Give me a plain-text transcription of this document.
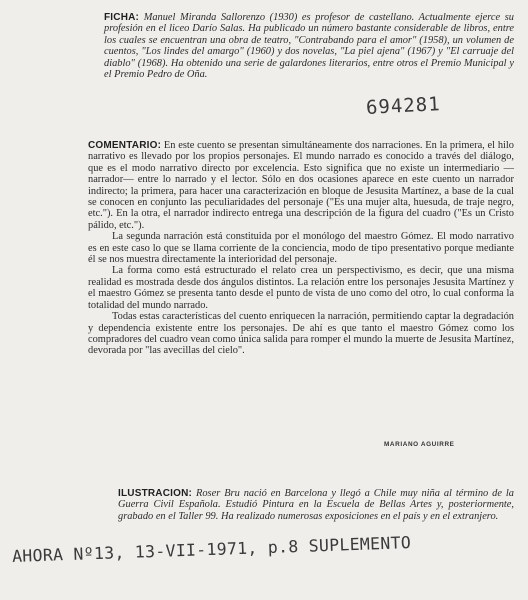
FICHA: Manuel Miranda Sallorenzo (1930) es profesor de castellano. Actualmente ejerce su profesión en el liceo Darío Salas. Ha publicado un número bastante considerable de libros, entre los cuales se encuentran una obra de teatro, "Contrabando para el amor" (1958), un volumen de cuentos, "Los lindes del amargo" (1960) y dos novelas, "La piel ajena" (1967) y "El carruaje del diablo" (1968). Ha obtenido una serie de galardones literarios, entre otros el Premio Municipal y el Premio Pedro de Oña.
694281

COMENTARIO: En este cuento se presentan simultáneamente dos narraciones. En la primera, el hilo narrativo es llevado por los propios personajes. El mundo narrado es conocido a través del diálogo, que es el modo narrativo directo por excelencia. Esto significa que no existe un intermediario —narrador— entre lo narrado y el lector. Sólo en dos ocasiones aparece en este cuento un narrador indirecto; la primera, para hacer una caracterización en bloque de Jesusita Martínez, a base de la cual se conocen en conjunto las peculiaridades del personaje ("Es una mujer alta, huesuda, de traje negro, etc."). En la otra, el narrador indirecto entrega una descripción de la figura del cuadro ("Es un Cristo pálido, etc.").

La segunda narración está constituida por el monólogo del maestro Gómez. El modo narrativo es en este caso lo que se llama corriente de la conciencia, modo de tipo presentativo porque mediante él se nos muestra directamente la interioridad del personaje.

La forma como está estructurado el relato crea un perspectivismo, es decir, que una misma realidad es mostrada desde dos ángulos distintos. La relación entre los personajes Jesusita Martínez y el maestro Gómez se presenta tanto desde el punto de vista de uno como del otro, lo cual conforma la totalidad del mundo narrado.

Todas estas características del cuento enriquecen la narración, permitiendo captar la degradación y dependencia existente entre los personajes. De ahí es que tanto el maestro Gómez como los compradores del cuadro vean como única salida para romper el mundo la muerte de Jesusita Martínez, devorada por "las avecillas del cielo".

MARIANO AGUIRRE
ILUSTRACION: Roser Bru nació en Barcelona y llegó a Chile muy niña al término de la Guerra Civil Española. Estudió Pintura en la Escuela de Bellas Artes y, posteriormente, grabado en el Taller 99. Ha realizado numerosas exposiciones en el país y en el extranjero.
AHORA Nº13, 13-VII-1971, p.8 SUPLEMENTO
